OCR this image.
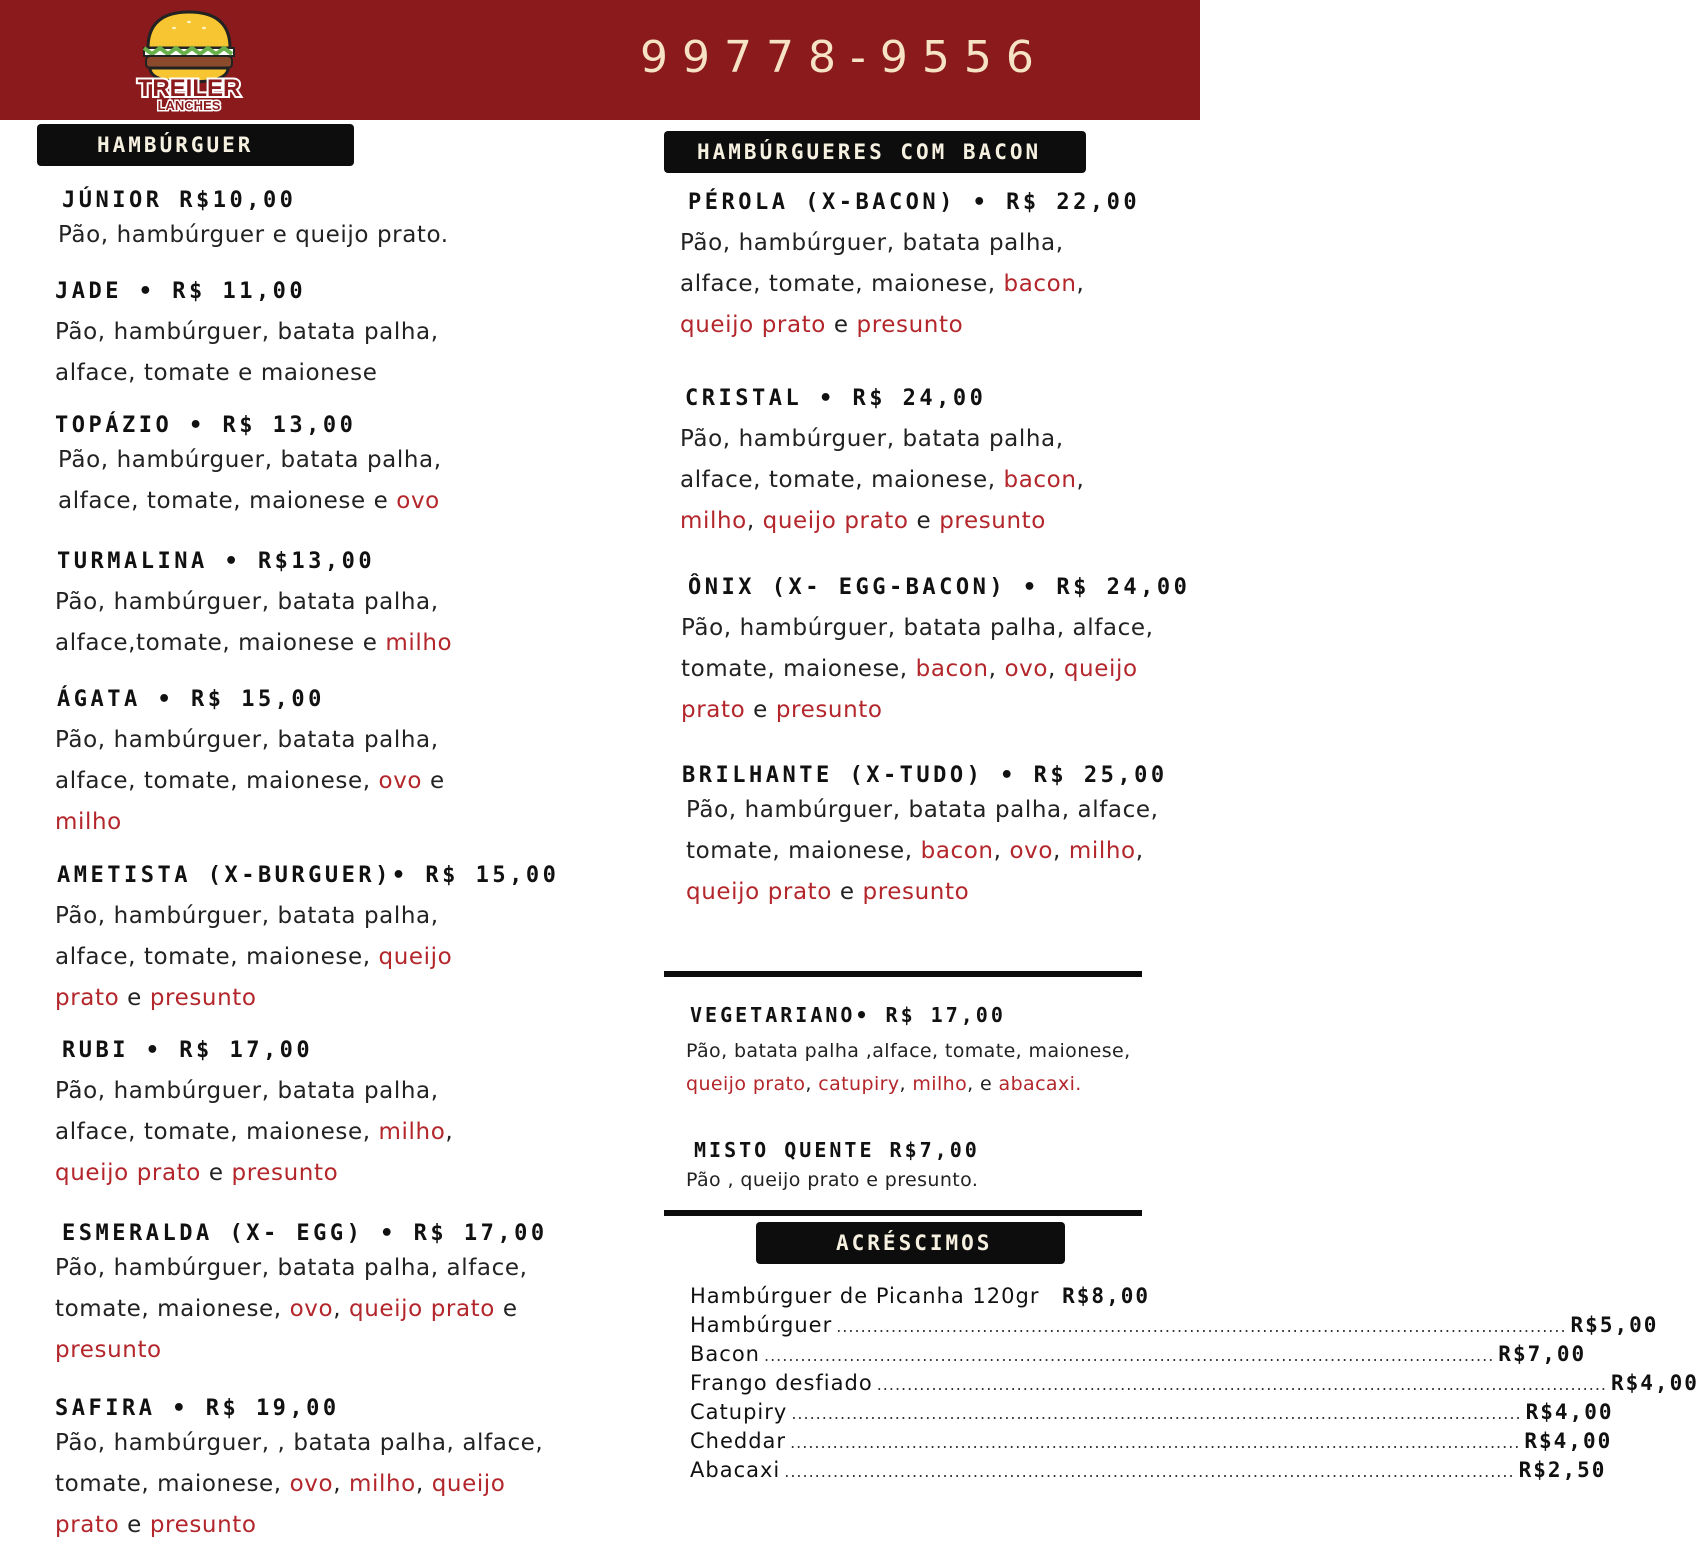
TREILER
LANCHES
99778-9556
HAMBÚRGUER	HAMBÚRGUERES COM BACON
ACRÉSCIMOS
JÚNIOR R$10,00
Pão, hambúrguer e queijo prato.
JADE • R$ 11,00
Pão, hambúrguer, batata palha, alface, tomate e maionese
TOPÁZIO • R$ 13,00
Pão, hambúrguer, batata palha, alface, tomate, maionese e ovo
TURMALINA • R$13,00
Pão, hambúrguer, batata palha, alface,tomate, maionese e milho
ÁGATA • R$ 15,00
Pão, hambúrguer, batata palha, alface, tomate, maionese, ovo e milho
AMETISTA (X-BURGUER)• R$ 15,00
Pão, hambúrguer, batata palha, alface, tomate, maionese, queijo prato e presunto
RUBI • R$ 17,00
Pão, hambúrguer, batata palha, alface, tomate, maionese, milho, queijo prato e presunto
ESMERALDA (X- EGG) • R$ 17,00
Pão, hambúrguer, batata palha, alface, tomate, maionese, ovo, queijo prato e presunto
SAFIRA • R$ 19,00
Pão, hambúrguer, , batata palha, alface, tomate, maionese, ovo, milho, queijo prato e presunto
PÉROLA (X-BACON) • R$ 22,00
Pão, hambúrguer, batata palha, alface, tomate, maionese, bacon, queijo prato e presunto
CRISTAL • R$ 24,00
Pão, hambúrguer, batata palha, alface, tomate, maionese, bacon, milho, queijo prato e presunto
ÔNIX (X- EGG-BACON) • R$ 24,00
Pão, hambúrguer, batata palha, alface, tomate, maionese, bacon, ovo, queijo prato e presunto
BRILHANTE (X-TUDO) • R$ 25,00
Pão, hambúrguer, batata palha, alface, tomate, maionese, bacon, ovo, milho, queijo prato e presunto
VEGETARIANO• R$ 17,00
Pão, batata palha ,alface, tomate, maionese, queijo prato, catupiry, milho, e abacaxi.
MISTO QUENTE R$7,00
Pão , queijo prato e presunto.
Hambúrguer de Picanha 120gr R$8,00
Hambúrguer ........................................................................................................................ R$5,00
Bacon ........................................................................................................................ R$7,00
Frango desfiado ........................................................................................................................ R$4,00
Catupiry ........................................................................................................................ R$4,00
Cheddar ........................................................................................................................ R$4,00
Abacaxi ........................................................................................................................ R$2,50
